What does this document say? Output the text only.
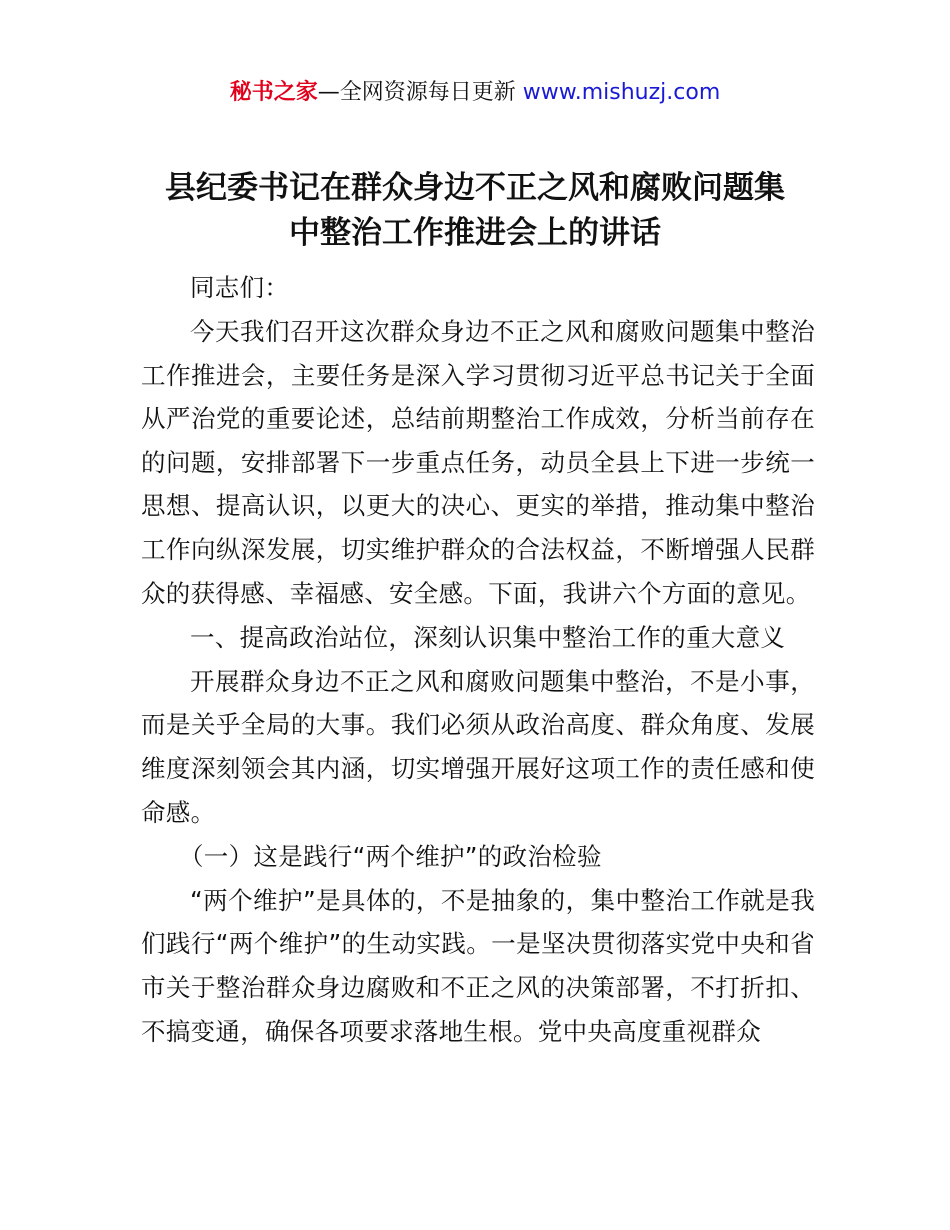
秘书之家—全网资源每日更新 www.mishuzj.com
县纪委书记在群众身边不正之风和腐败问题集
中整治工作推进会上的讲话

同志们：

今天我们召开这次群众身边不正之风和腐败问题集中整治工作推进会，主要任务是深入学习贯彻习近平总书记关于全面从严治党的重要论述，总结前期整治工作成效，分析当前存在的问题，安排部署下一步重点任务，动员全县上下进一步统一思想、提高认识，以更大的决心、更实的举措，推动集中整治工作向纵深发展，切实维护群众的合法权益，不断增强人民群众的获得感、幸福感、安全感。下面，我讲六个方面的意见。

一、提高政治站位，深刻认识集中整治工作的重大意义

开展群众身边不正之风和腐败问题集中整治，不是小事，而是关乎全局的大事。我们必须从政治高度、群众角度、发展维度深刻领会其内涵，切实增强开展好这项工作的责任感和使命感。

（一）这是践行“两个维护”的政治检验

“两个维护”是具体的，不是抽象的，集中整治工作就是我们践行“两个维护”的生动实践。一是坚决贯彻落实党中央和省市关于整治群众身边腐败和不正之风的决策部署，不打折扣、不搞变通，确保各项要求落地生根。党中央高度重视群众
